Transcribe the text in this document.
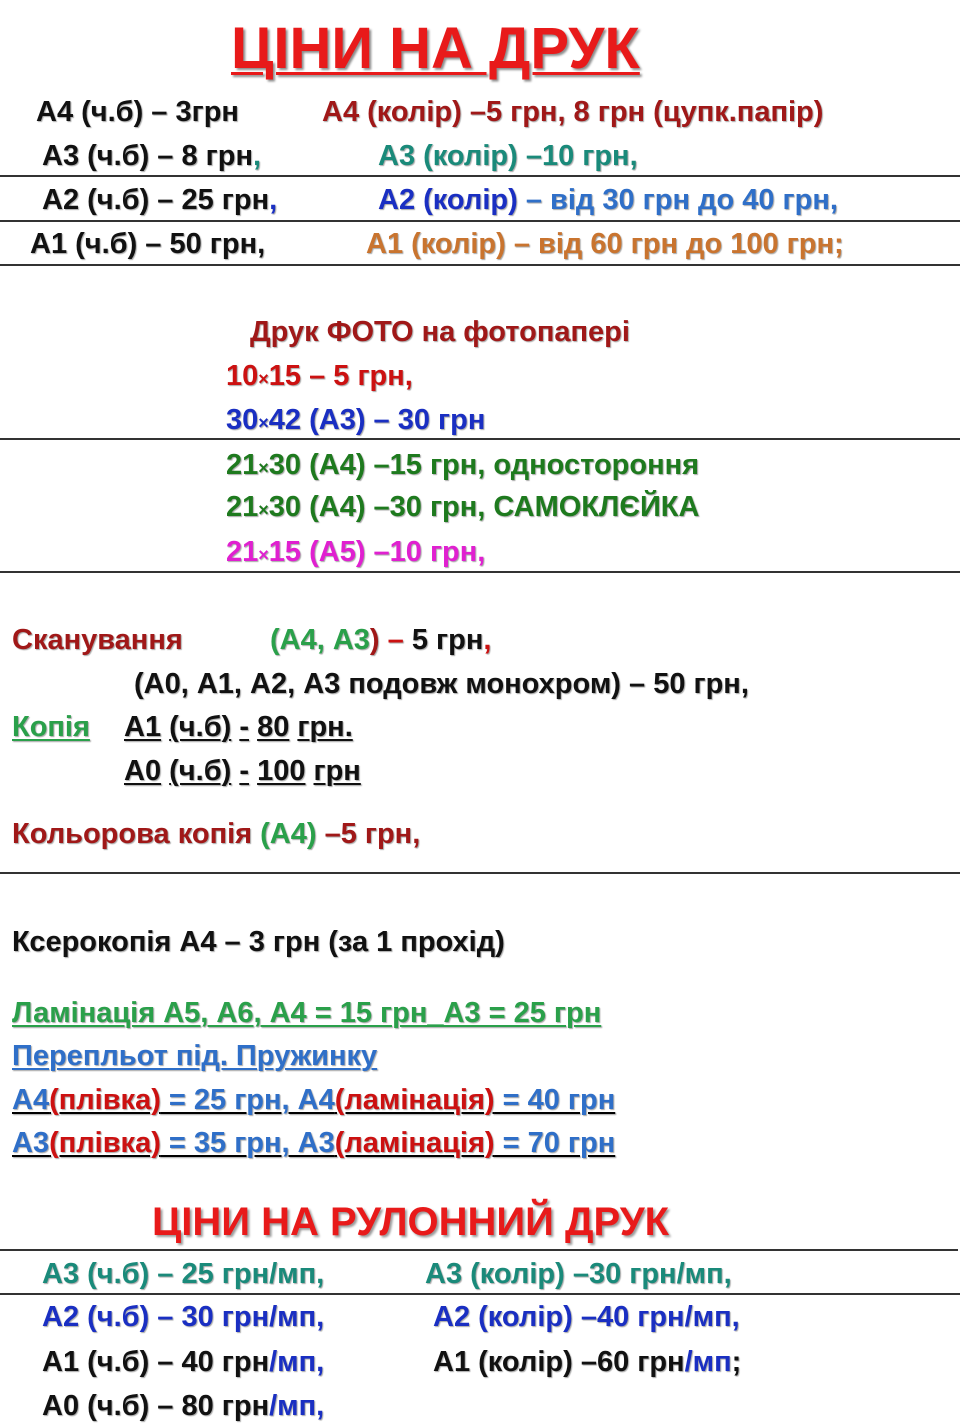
ЦІНИ НА ДРУК
А4 (ч.б) – 3грн	А4 (колір) –5 грн, 8 грн (цупк.папір)
А3 (ч.б) – 8 грн,	А3 (колір) –10 грн,
А2 (ч.б) – 25 грн,	А2 (колір) – від 30 грн до 40 грн,
А1 (ч.б) – 50 грн,	А1 (колір) – від 60 грн до 100 грн;
Друк ФОТО на фотопапері
10×15 – 5 грн,
30×42 (А3) – 30 грн
21×30 (А4) –15 грн, одностороння
21×30 (А4) –30 грн, САМОКЛЄЙКА
21×15 (А5) –10 грн,
Сканування	(А4, А3) – 5 грн,
(А0, А1, А2, А3 подовж монохром) – 50 грн,
Копія А1 (ч.б) - 80 грн.
А0 (ч.б) - 100 грн
Кольорова копія (А4) –5 грн,
Ксерокопія А4 – 3 грн (за 1 прохід)
Ламінація А5, А6, А4 = 15 грн_А3 = 25 грн
Перепльот під. Пружинку
А4(плівка) = 25 грн, А4(ламінація) = 40 грн
А3(плівка) = 35 грн, А3(ламінація) = 70 грн
ЦІНИ НА РУЛОННИЙ ДРУК
А3 (ч.б) – 25 грн/мп,	А3 (колір) –30 грн/мп,
А2 (ч.б) – 30 грн/мп,	А2 (колір) –40 грн/мп,
А1 (ч.б) – 40 грн/мп,	А1 (колір) –60 грн/мп;
А0 (ч.б) – 80 грн/мп,
